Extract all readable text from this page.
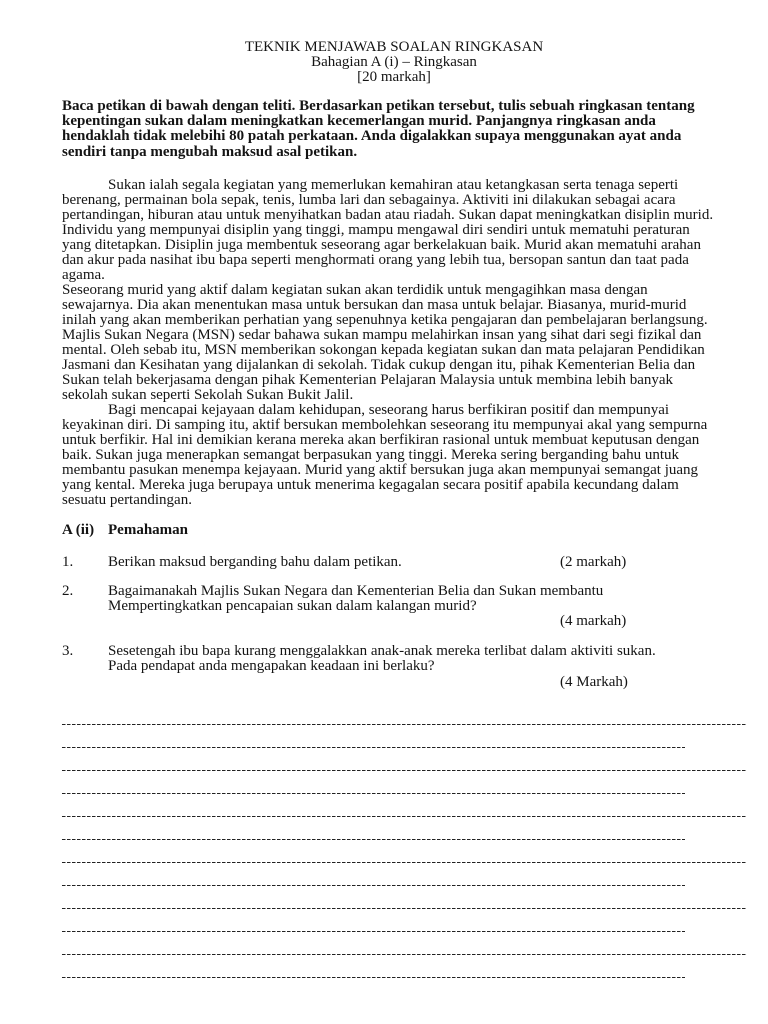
TEKNIK MENJAWAB SOALAN RINGKASAN
Bahagian A (i) – Ringkasan
[20 markah]
Baca petikan di bawah dengan teliti. Berdasarkan petikan tersebut, tulis sebuah ringkasan tentang
kepentingan sukan dalam meningkatkan kecemerlangan murid. Panjangnya ringkasan anda
hendaklah tidak melebihi 80 patah perkataan. Anda digalakkan supaya menggunakan ayat anda
sendiri tanpa mengubah maksud asal petikan.
Sukan ialah segala kegiatan yang memerlukan kemahiran atau ketangkasan serta tenaga seperti
berenang, permainan bola sepak, tenis, lumba lari dan sebagainya. Aktiviti ini dilakukan sebagai acara
pertandingan, hiburan atau untuk menyihatkan badan atau riadah. Sukan dapat meningkatkan disiplin murid.
Individu yang mempunyai disiplin yang tinggi, mampu mengawal diri sendiri untuk mematuhi peraturan
yang ditetapkan. Disiplin juga membentuk seseorang agar berkelakuan baik. Murid akan mematuhi arahan
dan akur pada nasihat ibu bapa seperti menghormati orang yang lebih tua, bersopan santun dan taat pada
agama.
Seseorang murid yang aktif dalam kegiatan sukan akan terdidik untuk mengagihkan masa dengan
sewajarnya. Dia akan menentukan masa untuk bersukan dan masa untuk belajar. Biasanya, murid-murid
inilah yang akan memberikan perhatian yang sepenuhnya ketika pengajaran dan pembelajaran berlangsung.
Majlis Sukan Negara (MSN) sedar bahawa sukan mampu melahirkan insan yang sihat dari segi fizikal dan
mental. Oleh sebab itu, MSN memberikan sokongan kepada kegiatan sukan dan mata pelajaran Pendidikan
Jasmani dan Kesihatan yang dijalankan di sekolah. Tidak cukup dengan itu, pihak Kementerian Belia dan
Sukan telah bekerjasama dengan pihak Kementerian Pelajaran Malaysia untuk membina lebih banyak
sekolah sukan seperti Sekolah Sukan Bukit Jalil.
Bagi mencapai kejayaan dalam kehidupan, seseorang harus berfikiran positif dan mempunyai
keyakinan diri. Di samping itu, aktif bersukan membolehkan seseorang itu mempunyai akal yang sempurna
untuk berfikir. Hal ini demikian kerana mereka akan berfikiran rasional untuk membuat keputusan dengan
baik. Sukan juga menerapkan semangat berpasukan yang tinggi. Mereka sering berganding bahu untuk
membantu pasukan menempa kejayaan. Murid yang aktif bersukan juga akan mempunyai semangat juang
yang kental. Mereka juga berupaya untuk menerima kegagalan secara positif apabila kecundang dalam
sesuatu pertandingan.
A (ii) Pemahaman
1. Berikan maksud berganding bahu dalam petikan.	(2 markah)
2. Bagaimanakah Majlis Sukan Negara dan Kementerian Belia dan Sukan membantu
Mempertingkatkan pencapaian sukan dalam kalangan murid?
(4 markah)
3. Sesetengah ibu bapa kurang menggalakkan anak-anak mereka terlibat dalam aktiviti sukan.
Pada pendapat anda mengapakan keadaan ini berlaku?
(4 Markah)
